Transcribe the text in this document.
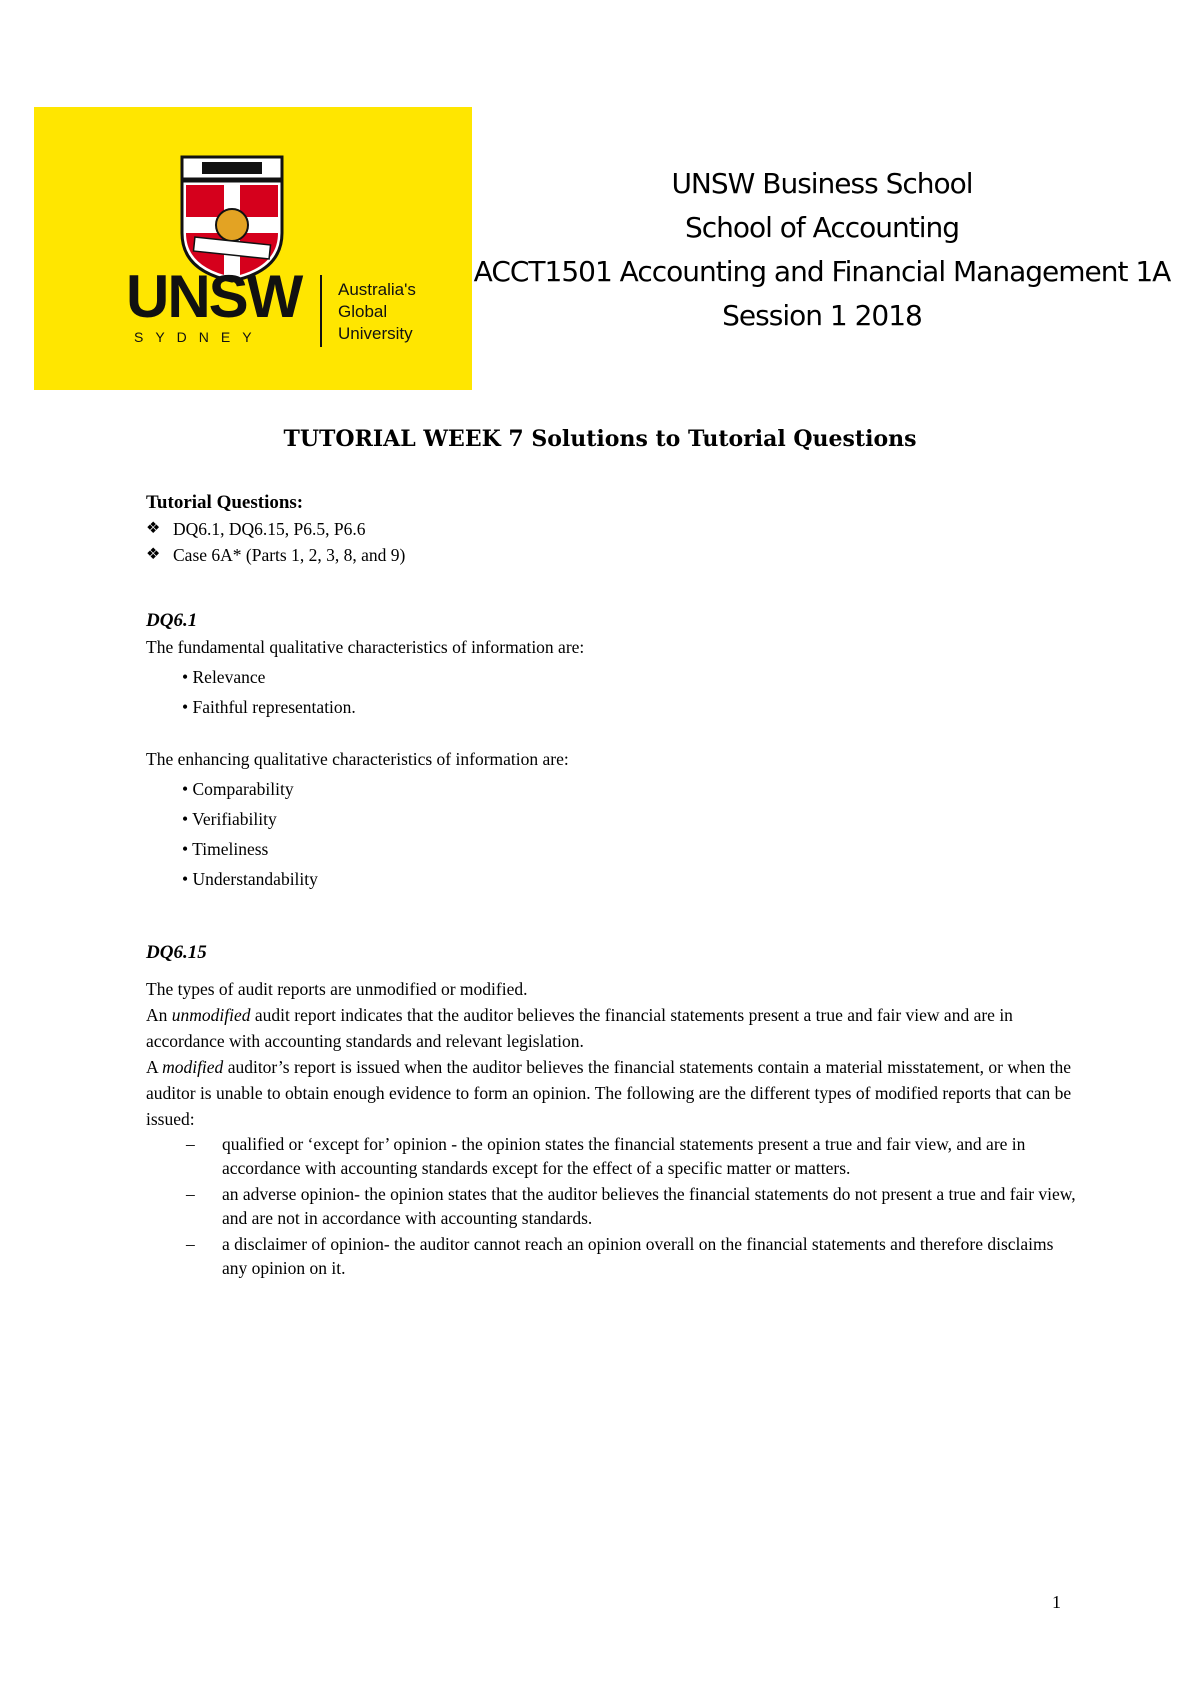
UNSW
SYDNEY
Australia's
Global
University
UNSW Business School
School of Accounting
ACCT1501 Accounting and Financial Management 1A
Session 1 2018
TUTORIAL WEEK 7 Solutions to Tutorial Questions

Tutorial Questions:

❖ DQ6.1, DQ6.15, P6.5, P6.6
❖ Case 6A* (Parts 1, 2, 3, 8, and 9)

DQ6.1

The fundamental qualitative characteristics of information are:

• Relevance
• Faithful representation.

The enhancing qualitative characteristics of information are:

• Comparability
• Verifiability
• Timeliness
• Understandability

DQ6.15

The types of audit reports are unmodified or modified.

An unmodified audit report indicates that the auditor believes the financial statements present a true and fair view and are in accordance with accounting standards and relevant legislation.

A modified auditor’s report is issued when the auditor believes the financial statements contain a material misstatement, or when the auditor is unable to obtain enough evidence to form an opinion. The following are the different types of modified reports that can be issued:

– qualified or ‘except for’ opinion - the opinion states the financial statements present a true and fair view, and are in accordance with accounting standards except for the effect of a specific matter or matters.
– an adverse opinion- the opinion states that the auditor believes the financial statements do not present a true and fair view, and are not in accordance with accounting standards.
– a disclaimer of opinion- the auditor cannot reach an opinion overall on the financial statements and therefore disclaims any opinion on it.
1
